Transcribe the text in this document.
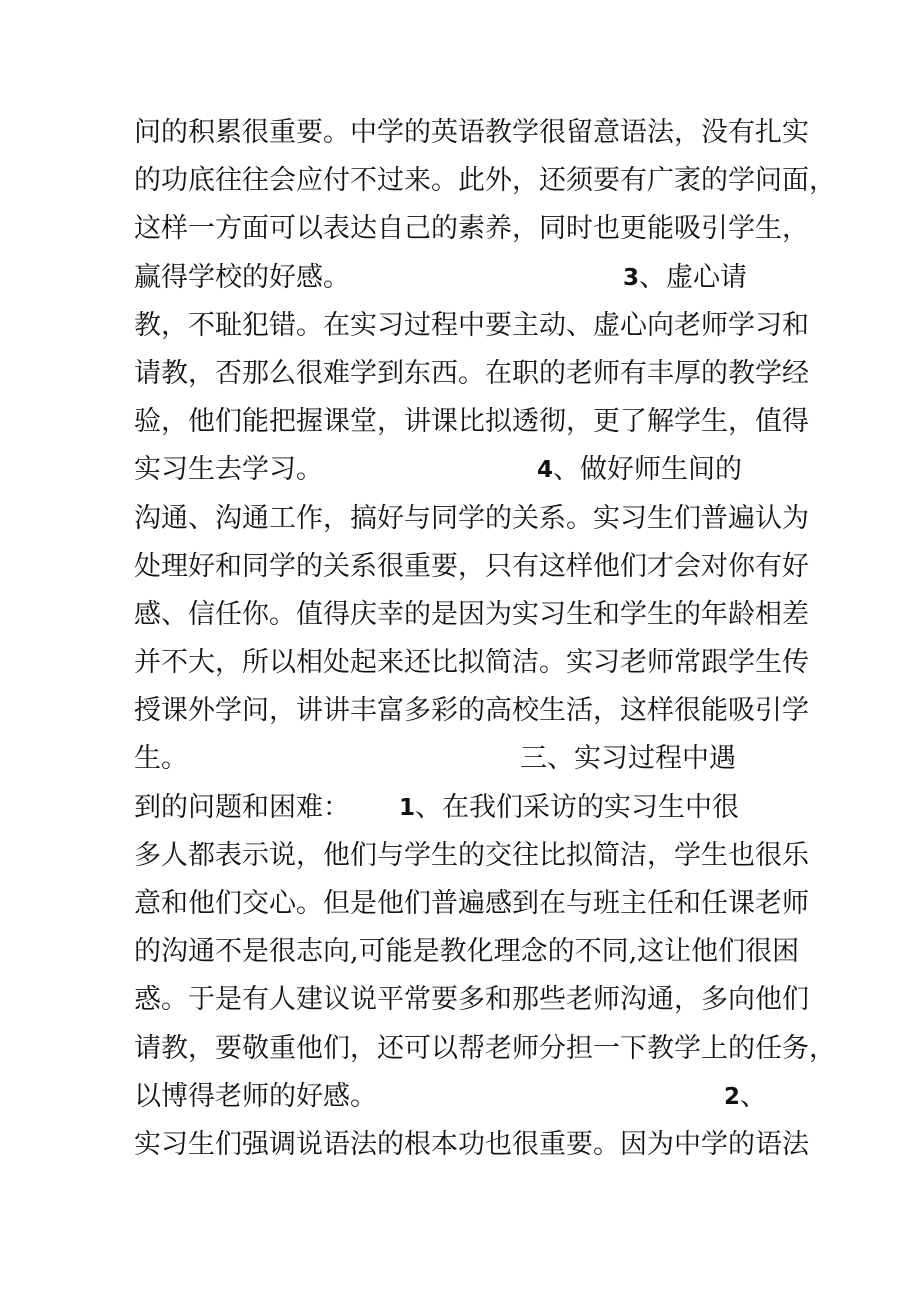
问的积累很重要。中学的英语教学很留意语法，没有扎实
的功底往往会应付不过来。此外，还须要有广袤的学问面，
这样一方面可以表达自己的素养，同时也更能吸引学生，
赢得学校的好感。	3 、虚心请
教，不耻犯错。在实习过程中要主动、虚心向老师学习和
请教，否那么很难学到东西。在职的老师有丰厚的教学经
验，他们能把握课堂，讲课比拟透彻，更了解学生，值得
实习生去学习。	4 、做好师生间的
沟通、沟通工作，搞好与同学的关系。实习生们普遍认为
处理好和同学的关系很重要，只有这样他们才会对你有好
感、信任你。值得庆幸的是因为实习生和学生的年龄相差
并不大，所以相处起来还比拟简洁。实习老师常跟学生传
授课外学问，讲讲丰富多彩的高校生活，这样很能吸引学
生。	三、实习过程中遇
到的问题和困难： 1 、在我们采访的实习生中很
多人都表示说，他们与学生的交往比拟简洁，学生也很乐
意和他们交心。但是他们普遍感到在与班主任和任课老师
的沟通不是很志向,可能是教化理念的不同,这让他们很困
惑。于是有人建议说平常要多和那些老师沟通，多向他们
请教，要敬重他们，还可以帮老师分担一下教学上的任务，
以博得老师的好感。	2 、
实习生们强调说语法的根本功也很重要。因为中学的语法
